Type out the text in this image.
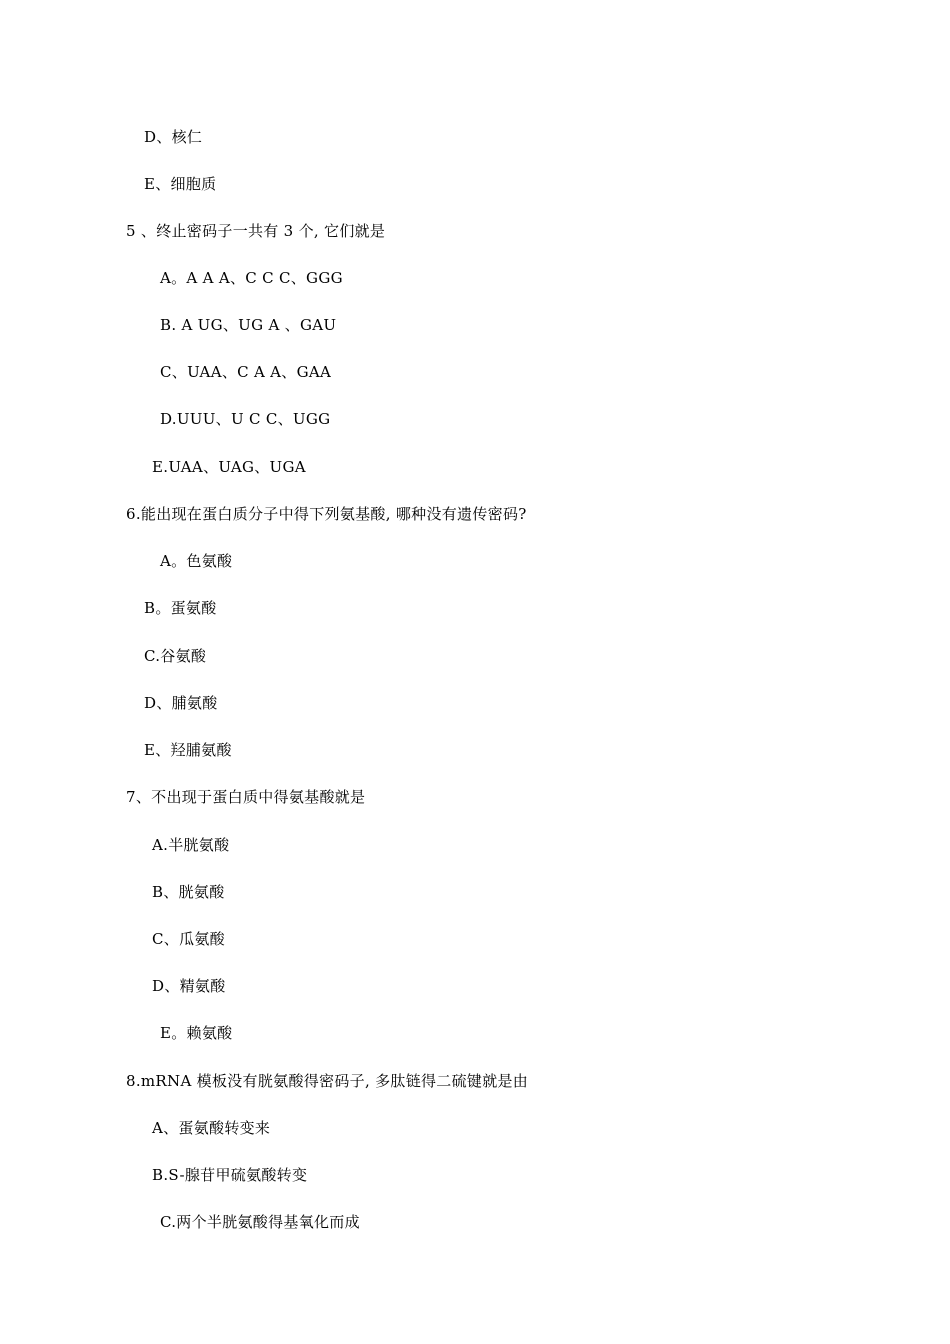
D、核仁
E、细胞质
5 、终止密码子一共有 3 个, 它们就是
A。A A A、C C C、GGG
B. A UG、UG A 、GAU
C、UAA、C A A、GAA
D.UUU、U C C、UGG
E.UAA、UAG、UGA
6.能出现在蛋白质分子中得下列氨基酸, 哪种没有遗传密码?
A。色氨酸
B。蛋氨酸
C.谷氨酸
D、脯氨酸
E、羟脯氨酸
7、不出现于蛋白质中得氨基酸就是
A.半胱氨酸
B、胱氨酸
C、瓜氨酸
D、精氨酸
E。赖氨酸
8.mRNA 模板没有胱氨酸得密码子, 多肽链得二硫键就是由
A、蛋氨酸转变来
B.S-腺苷甲硫氨酸转变
C.两个半胱氨酸得基氧化而成
